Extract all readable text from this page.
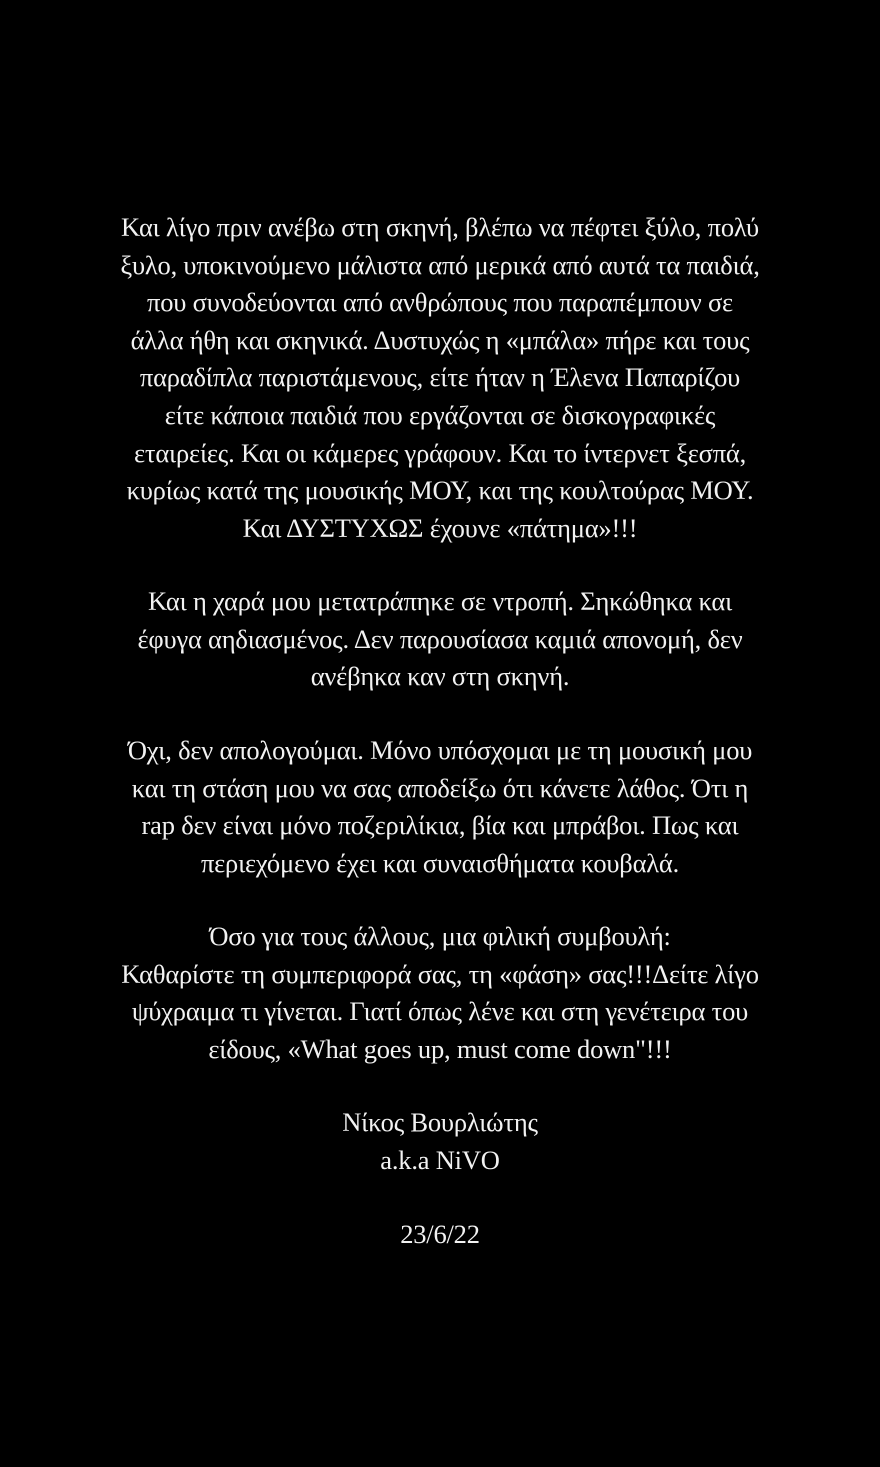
Και λίγο πριν ανέβω στη σκηνή, βλέπω να πέφτει ξύλο, πολύ
ξυλο, υποκινούμενο μάλιστα από μερικά από αυτά τα παιδιά,
που συνοδεύονται από ανθρώπους που παραπέμπουν σε
άλλα ήθη και σκηνικά. Δυστυχώς η «μπάλα» πήρε και τους
παραδίπλα παριστάμενους, είτε ήταν η Έλενα Παπαρίζου
είτε κάποια παιδιά που εργάζονται σε δισκογραφικές
εταιρείες. Και οι κάμερες γράφουν. Και το ίντερνετ ξεσπά,
κυρίως κατά της μουσικής ΜΟΥ, και της κουλτούρας ΜΟΥ.
Και ΔΥΣΤΥΧΩΣ έχουνε «πάτημα»!!!
Και η χαρά μου μετατράπηκε σε ντροπή. Σηκώθηκα και
έφυγα αηδιασμένος. Δεν παρουσίασα καμιά απονομή, δεν
ανέβηκα καν στη σκηνή.
Όχι, δεν απολογούμαι. Μόνο υπόσχομαι με τη μουσική μου
και τη στάση μου να σας αποδείξω ότι κάνετε λάθος. Ότι η
rap δεν είναι μόνο ποζεριλίκια, βία και μπράβοι. Πως και
περιεχόμενο έχει και συναισθήματα κουβαλά.
Όσο για τους άλλους, μια φιλική συμβουλή:
Καθαρίστε τη συμπεριφορά σας, τη «φάση» σας!!!Δείτε λίγο
ψύχραιμα τι γίνεται. Γιατί όπως λένε και στη γενέτειρα του
είδους, «What goes up, must come down"!!!
Νίκος Βουρλιώτης
a.k.a NiVO
23/6/22
